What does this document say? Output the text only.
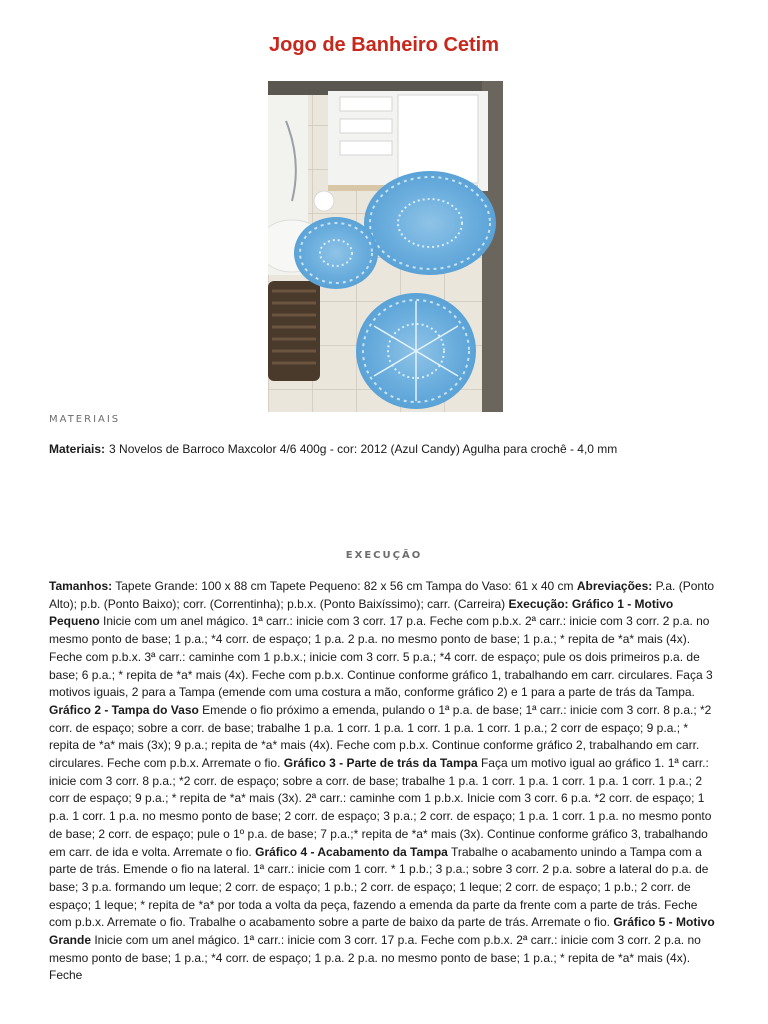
Jogo de Banheiro Cetim
MATERIAIS
Materiais: 3 Novelos de Barroco Maxcolor 4/6 400g - cor: 2012 (Azul Candy) Agulha para crochê - 4,0 mm
EXECUÇÃO
Tamanhos: Tapete Grande: 100 x 88 cm Tapete Pequeno: 82 x 56 cm Tampa do Vaso: 61 x 40 cm Abreviações: P.a. (Ponto Alto); p.b. (Ponto Baixo); corr. (Correntinha); p.b.x. (Ponto Baixíssimo); carr. (Carreira) Execução: Gráfico 1 - Motivo Pequeno Inicie com um anel mágico. 1ª carr.: inicie com 3 corr. 17 p.a. Feche com p.b.x. 2ª carr.: inicie com 3 corr. 2 p.a. no mesmo ponto de base; 1 p.a.; *4 corr. de espaço; 1 p.a. 2 p.a. no mesmo ponto de base; 1 p.a.; * repita de *a* mais (4x). Feche com p.b.x. 3ª carr.: caminhe com 1 p.b.x.; inicie com 3 corr. 5 p.a.; *4 corr. de espaço; pule os dois primeiros p.a. de base; 6 p.a.; * repita de *a* mais (4x). Feche com p.b.x. Continue conforme gráfico 1, trabalhando em carr. circulares. Faça 3 motivos iguais, 2 para a Tampa (emende com uma costura a mão, conforme gráfico 2) e 1 para a parte de trás da Tampa. Gráfico 2 - Tampa do Vaso Emende o fio próximo a emenda, pulando o 1ª p.a. de base; 1ª carr.: inicie com 3 corr. 8 p.a.; *2 corr. de espaço; sobre a corr. de base; trabalhe 1 p.a. 1 corr. 1 p.a. 1 corr. 1 p.a. 1 corr. 1 p.a.; 2 corr de espaço; 9 p.a.; * repita de *a* mais (3x); 9 p.a.; repita de *a* mais (4x). Feche com p.b.x. Continue conforme gráfico 2, trabalhando em carr. circulares. Feche com p.b.x. Arremate o fio. Gráfico 3 - Parte de trás da Tampa Faça um motivo igual ao gráfico 1. 1ª carr.: inicie com 3 corr. 8 p.a.; *2 corr. de espaço; sobre a corr. de base; trabalhe 1 p.a. 1 corr. 1 p.a. 1 corr. 1 p.a. 1 corr. 1 p.a.; 2 corr de espaço; 9 p.a.; * repita de *a* mais (3x). 2ª carr.: caminhe com 1 p.b.x. Inicie com 3 corr. 6 p.a. *2 corr. de espaço; 1 p.a. 1 corr. 1 p.a. no mesmo ponto de base; 2 corr. de espaço; 3 p.a.; 2 corr. de espaço; 1 p.a. 1 corr. 1 p.a. no mesmo ponto de base; 2 corr. de espaço; pule o 1º p.a. de base; 7 p.a.;* repita de *a* mais (3x). Continue conforme gráfico 3, trabalhando em carr. de ida e volta. Arremate o fio. Gráfico 4 - Acabamento da Tampa Trabalhe o acabamento unindo a Tampa com a parte de trás. Emende o fio na lateral. 1ª carr.: inicie com 1 corr. * 1 p.b.; 3 p.a.; sobre 3 corr. 2 p.a. sobre a lateral do p.a. de base; 3 p.a. formando um leque; 2 corr. de espaço; 1 p.b.; 2 corr. de espaço; 1 leque; 2 corr. de espaço; 1 p.b.; 2 corr. de espaço; 1 leque; * repita de *a* por toda a volta da peça, fazendo a emenda da parte da frente com a parte de trás. Feche com p.b.x. Arremate o fio. Trabalhe o acabamento sobre a parte de baixo da parte de trás. Arremate o fio. Gráfico 5 - Motivo Grande Inicie com um anel mágico. 1ª carr.: inicie com 3 corr. 17 p.a. Feche com p.b.x. 2ª carr.: inicie com 3 corr. 2 p.a. no mesmo ponto de base; 1 p.a.; *4 corr. de espaço; 1 p.a. 2 p.a. no mesmo ponto de base; 1 p.a.; * repita de *a* mais (4x). Feche
